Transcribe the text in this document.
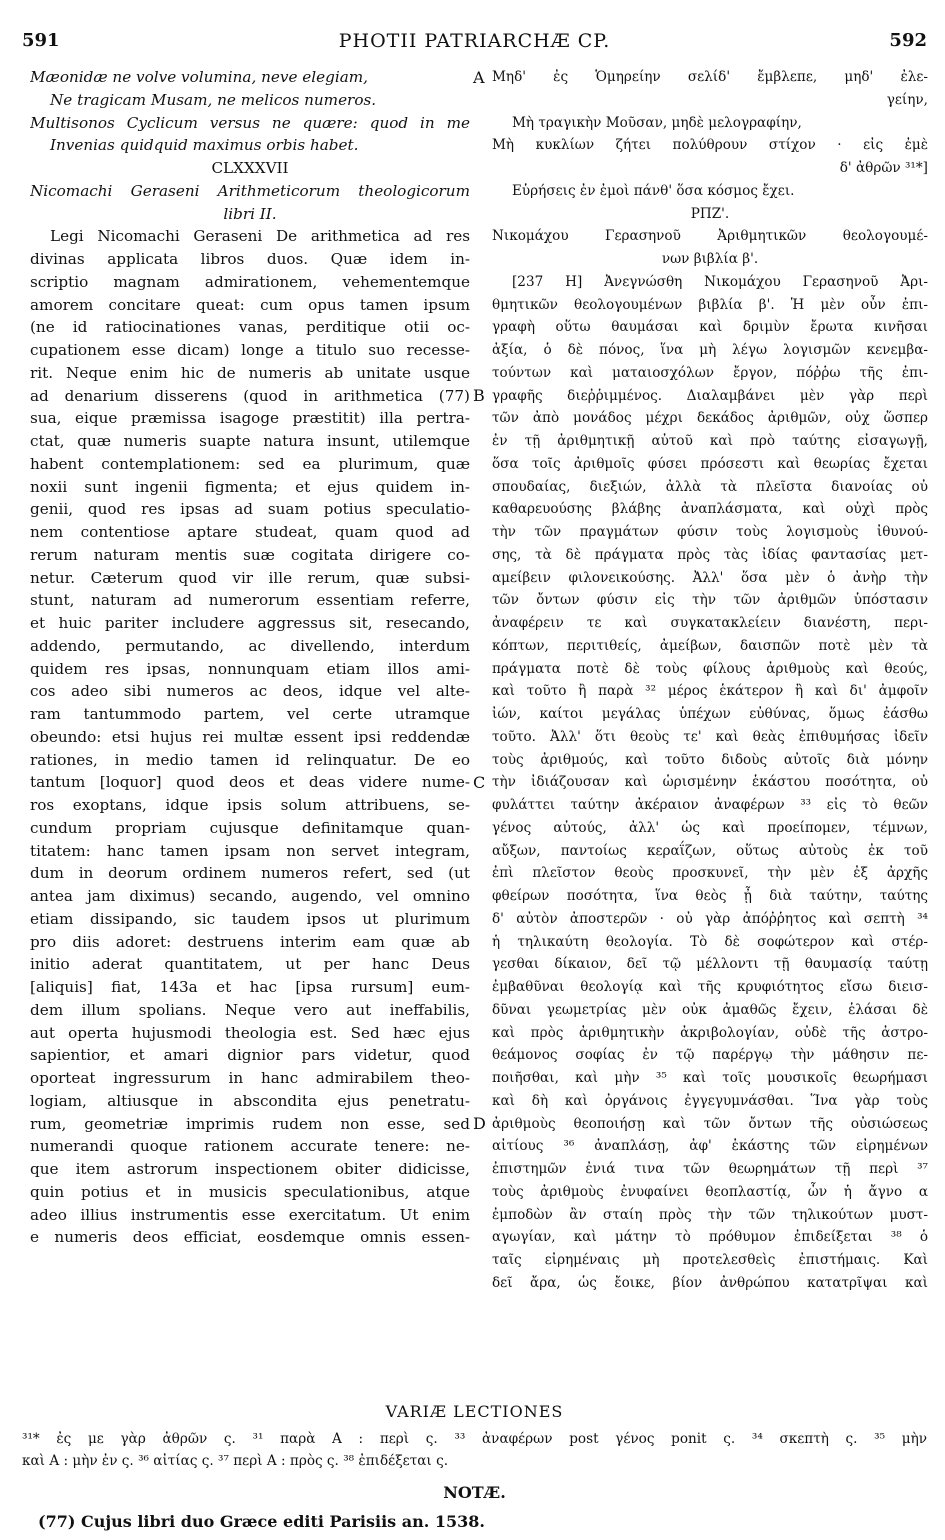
591	PHOTII PATRIARCHÆ CP.	592
Mæonidæ ne volve volumina, neve elegiam,
Ne tragicam Musam, ne melicos numeros.
Multisonos Cyclicum versus ne quære: quod in me
Invenias quidquid maximus orbis habet.
CLXXXVII
Nicomachi Geraseni Arithmeticorum theologicorum
libri II.
Legi Nicomachi Geraseni De arithmetica ad res
divinas applicata libros duos. Quæ idem in-
scriptio magnam admirationem, vehementemque
amorem concitare queat: cum opus tamen ipsum
(ne id ratiocinationes vanas, perditique otii oc-
cupationem esse dicam) longe a titulo suo recesse-
rit. Neque enim hic de numeris ab unitate usque
ad denarium disserens (quod in arithmetica (77)
sua, eique præmissa isagoge præstitit) illa pertra-
ctat, quæ numeris suapte natura insunt, utilemque
habent contemplationem: sed ea plurimum, quæ
noxii sunt ingenii figmenta; et ejus quidem in-
genii, quod res ipsas ad suam potius speculatio-
nem contentiose aptare studeat, quam quod ad
rerum naturam mentis suæ cogitata dirigere co-
netur. Cæterum quod vir ille rerum, quæ subsi-
stunt, naturam ad numerorum essentiam referre,
et huic pariter includere aggressus sit, resecando,
addendo, permutando, ac divellendo, interdum
quidem res ipsas, nonnunquam etiam illos ami-
cos adeo sibi numeros ac deos, idque vel alte-
ram tantummodo partem, vel certe utramque
obeundo: etsi hujus rei multæ essent ipsi reddendæ
rationes, in medio tamen id relinquatur. De eo
tantum [loquor] quod deos et deas videre nume-
ros exoptans, idque ipsis solum attribuens, se-
cundum propriam cujusque definitamque quan-
titatem: hanc tamen ipsam non servet integram,
dum in deorum ordinem numeros refert, sed (ut
antea jam diximus) secando, augendo, vel omnino
etiam dissipando, sic taudem ipsos ut plurimum
pro diis adoret: destruens interim eam quæ ab
initio aderat quantitatem, ut per hanc Deus
[aliquis] fiat, 143a et hac [ipsa rursum] eum-
dem illum spolians. Neque vero aut ineffabilis,
aut operta hujusmodi theologia est. Sed hæc ejus
sapientior, et amari dignior pars videtur, quod
oporteat ingressurum in hanc admirabilem theo-
logiam, altiusque in abscondita ejus penetratu-
rum, geometriæ imprimis rudem non esse, sed
numerandi quoque rationem accurate tenere: ne-
que item astrorum inspectionem obiter didicisse,
quin potius et in musicis speculationibus, atque
adeo illius instrumentis esse exercitatum. Ut enim
e numeris deos efficiat, eosdemque omnis essen-
A
B
C
D
Μηδ' ἐς Ὁμηρείην σελίδ' ἔμβλεπε, μηδ' ἐλε-
γείην,
Μὴ τραγικὴν Μοῦσαν, μηδὲ μελογραφίην,
Μὴ κυκλίων ζήτει πολύθρουν στίχον · εἰς ἐμὲ
δ' ἀθρῶν ³¹*]
Εὑρήσεις ἐν ἐμοὶ πάνθ' ὅσα κόσμος ἔχει.
ΡΠΖ'.
Νικομάχου Γερασηνοῦ Ἀριθμητικῶν θεολογουμέ-
νων βιβλία β'.
[237 H] Ἀνεγνώσθη Νικομάχου Γερασηνοῦ Ἀρι-
θμητικῶν θεολογουμένων βιβλία β'. Ἡ μὲν οὖν ἐπι-
γραφὴ οὕτω θαυμάσαι καὶ δριμὺν ἔρωτα κινῆσαι
ἀξία, ὁ δὲ πόνος, ἵνα μὴ λέγω λογισμῶν κενεμβα-
τούντων καὶ ματαιοσχόλων ἔργον, πόῤῥω τῆς ἐπι-
γραφῆς διεῤῥιμμένος. Διαλαμβάνει μὲν γὰρ περὶ
τῶν ἀπὸ μονάδος μέχρι δεκάδος ἀριθμῶν, οὐχ ὥσπερ
ἐν τῇ ἀριθμητικῇ αὐτοῦ καὶ πρὸ ταύτης εἰσαγωγῇ,
ὅσα τοῖς ἀριθμοῖς φύσει πρόσεστι καὶ θεωρίας ἔχεται
σπουδαίας, διεξιών, ἀλλὰ τὰ πλεῖστα διανοίας οὐ
καθαρευούσης βλάβης ἀναπλάσματα, καὶ οὐχὶ πρὸς
τὴν τῶν πραγμάτων φύσιν τοὺς λογισμοὺς ἰθυνού-
σης, τὰ δὲ πράγματα πρὸς τὰς ἰδίας φαντασίας μετ-
αμείβειν φιλονεικούσης. Ἀλλ' ὅσα μὲν ὁ ἀνὴρ τὴν
τῶν ὄντων φύσιν εἰς τὴν τῶν ἀριθμῶν ὑπόστασιν
ἀναφέρειν τε καὶ συγκατακλείειν διανέστη, περι-
κόπτων, περιτιθείς, ἀμείβων, δαισπῶν ποτὲ μὲν τὰ
πράγματα ποτὲ δὲ τοὺς φίλους ἀριθμοὺς καὶ θεούς,
καὶ τοῦτο ἢ παρὰ ³² μέρος ἑκάτερον ἢ καὶ δι' ἀμφοῖν
ἰών, καίτοι μεγάλας ὑπέχων εὐθύνας, ὅμως ἐάσθω
τοῦτο. Ἀλλ' ὅτι θεοὺς τε' καὶ θεὰς ἐπιθυμήσας ἰδεῖν
τοὺς ἀριθμούς, καὶ τοῦτο διδοὺς αὐτοῖς διὰ μόνην
τὴν ἰδιάζουσαν καὶ ὡρισμένην ἑκάστου ποσότητα, οὐ
φυλάττει ταύτην ἀκέραιον ἀναφέρων ³³ εἰς τὸ θεῶν
γένος αὐτούς, ἀλλ' ὡς καὶ προείπομεν, τέμνων,
αὔξων, παντοίως κεραΐζων, οὕτως αὐτοὺς ἐκ τοῦ
ἐπὶ πλεῖστον θεοὺς προσκυνεῖ, τὴν μὲν ἐξ ἀρχῆς
φθείρων ποσότητα, ἵνα θεὸς ᾖ διὰ ταύτην, ταύτης
δ' αὐτὸν ἀποστερῶν · οὐ γὰρ ἀπόῤῥητος καὶ σεπτὴ ³⁴
ἡ τηλικαύτη θεολογία. Τὸ δὲ σοφώτερον καὶ στέρ-
γεσθαι δίκαιον, δεῖ τῷ μέλλοντι τῇ θαυμασίᾳ ταύτῃ
ἐμβαθῦναι θεολογίᾳ καὶ τῆς κρυφιότητος εἴσω διεισ-
δῦναι γεωμετρίας μὲν οὐκ ἀμαθῶς ἔχειν, ἑλάσαι δὲ
καὶ πρὸς ἀριθμητικὴν ἀκριβολογίαν, οὐδὲ τῆς ἀστρο-
θεάμονος σοφίας ἐν τῷ παρέργῳ τὴν μάθησιν πε-
ποιῆσθαι, καὶ μὴν ³⁵ καὶ τοῖς μουσικοῖς θεωρήμασι
καὶ δὴ καὶ ὀργάνοις ἐγγεγυμνάσθαι. Ἵνα γὰρ τοὺς
ἀριθμοὺς θεοποιήσῃ καὶ τῶν ὄντων τῆς οὐσιώσεως
αἰτίους ³⁶ ἀναπλάσῃ, ἀφ' ἑκάστης τῶν εἰρημένων
ἐπιστημῶν ἐνιά τινα τῶν θεωρημάτων τῇ περὶ ³⁷
τοὺς ἀριθμοὺς ἐνυφαίνει θεοπλαστίᾳ, ὧν ἡ ἄγνο α
ἐμποδὼν ἂν σταίη πρὸς τὴν τῶν τηλικούτων μυστ-
αγωγίαν, καὶ μάτην τὸ πρόθυμον ἐπιδείξεται ³⁸ ὁ
ταῖς εἰρημέναις μὴ προτελεσθεὶς ἐπιστήμαις. Καὶ
δεῖ ἄρα, ὡς ἔοικε, βίον ἀνθρώπου κατατρῖψαι καὶ
VARIÆ LECTIONES
³¹* ἐς με γὰρ ἀθρῶν ς. ³¹ παρὰ Α : περὶ ς. ³³ ἀναφέρων post γένος ponit ς. ³⁴ σκεπτὴ ς. ³⁵ μὴν
καὶ Α : μὴν ἐν ς. ³⁶ αἰτίας ς. ³⁷ περὶ Α : πρὸς ς. ³⁸ ἐπιδέξεται ς.
NOTÆ.
(77) Cujus libri duo Græce editi Parisiis an. 1538.
